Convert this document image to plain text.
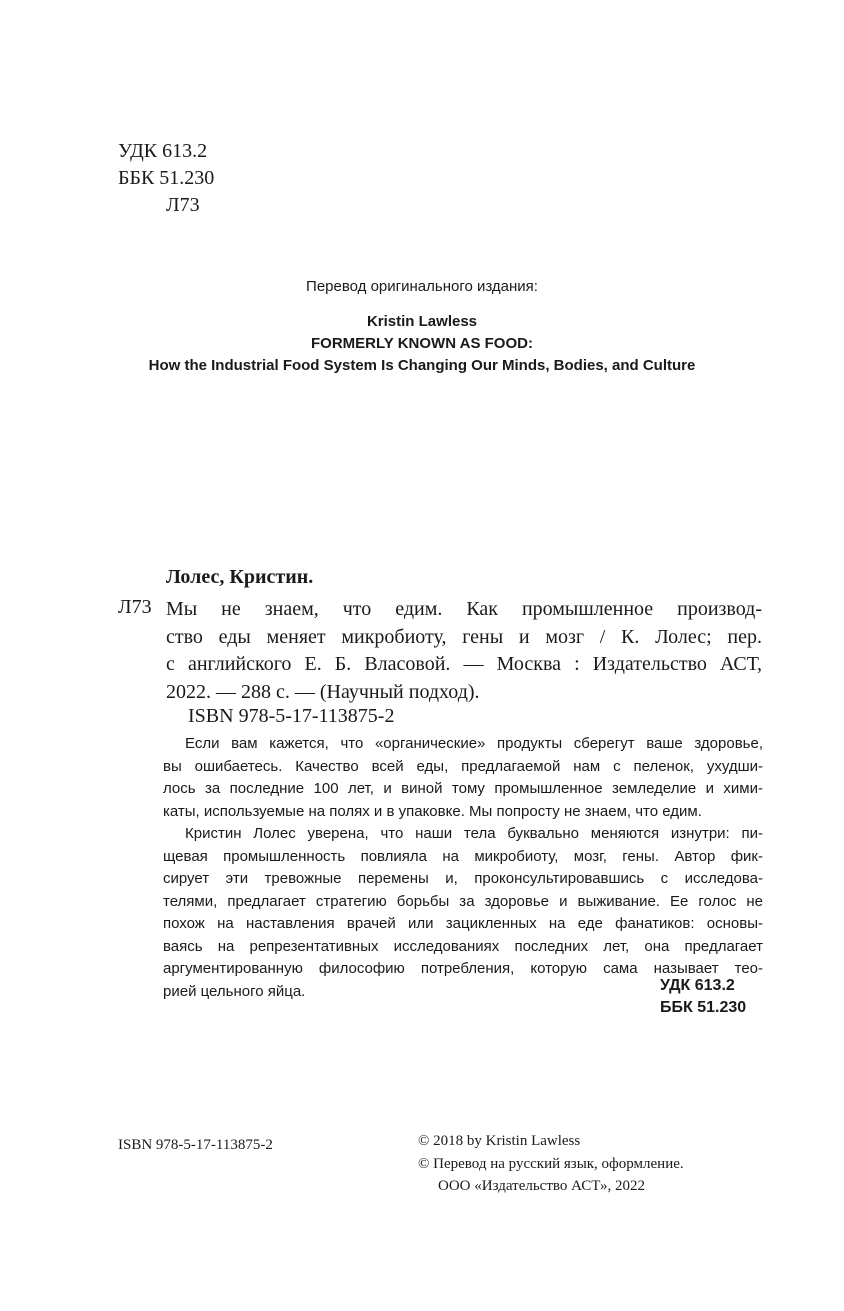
УДК 613.2
ББК 51.230
Л73
Перевод оригинального издания:
Kristin Lawless
FORMERLY KNOWN AS FOOD:
How the Industrial Food System Is Changing Our Minds, Bodies, and Culture
Лолес, Кристин.
Л73 Мы не знаем, что едим. Как промышленное производ-
ство еды меняет микробиоту, гены и мозг / К. Лолес; пер.
с английского Е. Б. Власовой. — Москва : Издательство АСТ,
2022. — 288 с. — (Научный подход).
ISBN 978-5-17-113875-2
Если вам кажется, что «органические» продукты сберегут ваше здоровье,
вы ошибаетесь. Качество всей еды, предлагаемой нам с пеленок, ухудши-
лось за последние 100 лет, и виной тому промышленное земледелие и хими-
каты, используемые на полях и в упаковке. Мы попросту не знаем, что едим.
Кристин Лолес уверена, что наши тела буквально меняются изнутри: пи-
щевая промышленность повлияла на микробиоту, мозг, гены. Автор фик-
сирует эти тревожные перемены и, проконсультировавшись с исследова-
телями, предлагает стратегию борьбы за здоровье и выживание. Ее голос не
похож на наставления врачей или зацикленных на еде фанатиков: основы-
ваясь на репрезентативных исследованиях последних лет, она предлагает
аргументированную философию потребления, которую сама называет тео-
рией цельного яйца.	УДК 613.2
ББК 51.230
ISBN 978-5-17-113875-2	© 2018 by Kristin Lawless
© Перевод на русский язык, оформление.
ООО «Издательство АСТ», 2022
